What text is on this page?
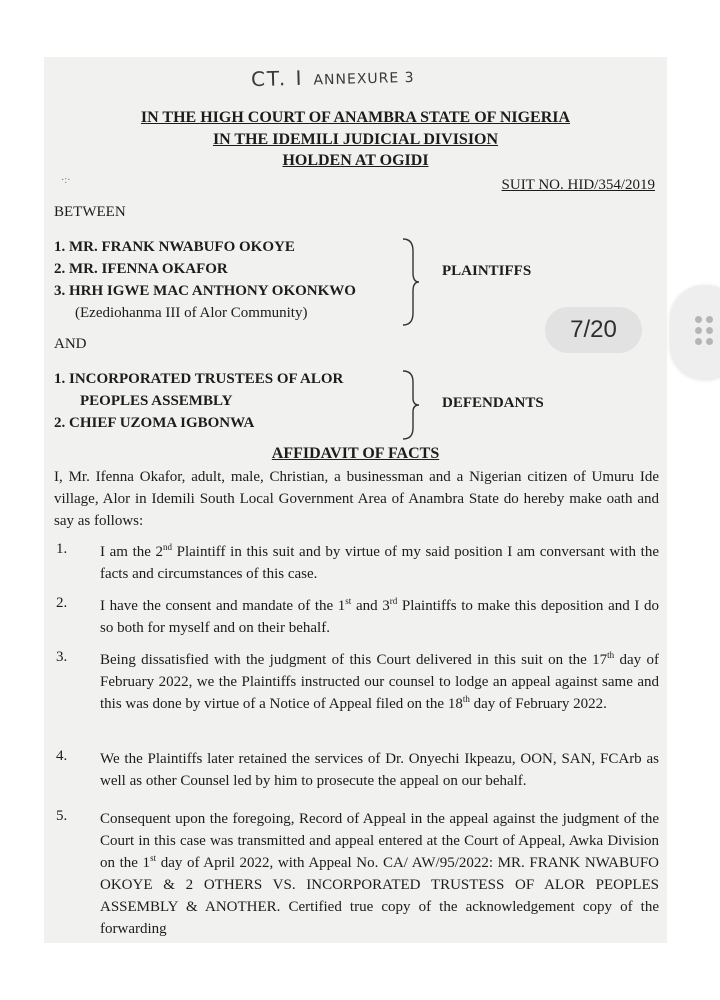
CT. I ANNEXURE 3
IN THE HIGH COURT OF ANAMBRA STATE OF NIGERIA
IN THE IDEMILI JUDICIAL DIVISION
HOLDEN AT OGIDI
·:·	SUIT NO. HID/354/2019
BETWEEN
1. MR. FRANK NWABUFO OKOYE
2. MR. IFENNA OKAFOR
3. HRH IGWE MAC ANTHONY OKONKWO
(Ezediohanma III of Alor Community)
PLAINTIFFS
AND
1. INCORPORATED TRUSTEES OF ALOR
PEOPLES ASSEMBLY
2. CHIEF UZOMA IGBONWA
DEFENDANTS
AFFIDAVIT OF FACTS
I, Mr. Ifenna Okafor, adult, male, Christian, a businessman and a Nigerian citizen of Umuru Ide village, Alor in Idemili South Local Government Area of Anambra State do hereby make oath and say as follows:
1. I am the 2nd Plaintiff in this suit and by virtue of my said position I am conversant with the facts and circumstances of this case.
2. I have the consent and mandate of the 1st and 3rd Plaintiffs to make this deposition and I do so both for myself and on their behalf.
3. Being dissatisfied with the judgment of this Court delivered in this suit on the 17th day of February 2022, we the Plaintiffs instructed our counsel to lodge an appeal against same and this was done by virtue of a Notice of Appeal filed on the 18th day of February 2022.
4. We the Plaintiffs later retained the services of Dr. Onyechi Ikpeazu, OON, SAN, FCArb as well as other Counsel led by him to prosecute the appeal on our behalf.
5. Consequent upon the foregoing, Record of Appeal in the appeal against the judgment of the Court in this case was transmitted and appeal entered at the Court of Appeal, Awka Division on the 1st day of April 2022, with Appeal No. CA/ AW/95/2022: MR. FRANK NWABUFO OKOYE & 2 OTHERS VS. INCORPORATED TRUSTESS OF ALOR PEOPLES ASSEMBLY & ANOTHER. Certified true copy of the acknowledgement copy of the forwarding
7/20
